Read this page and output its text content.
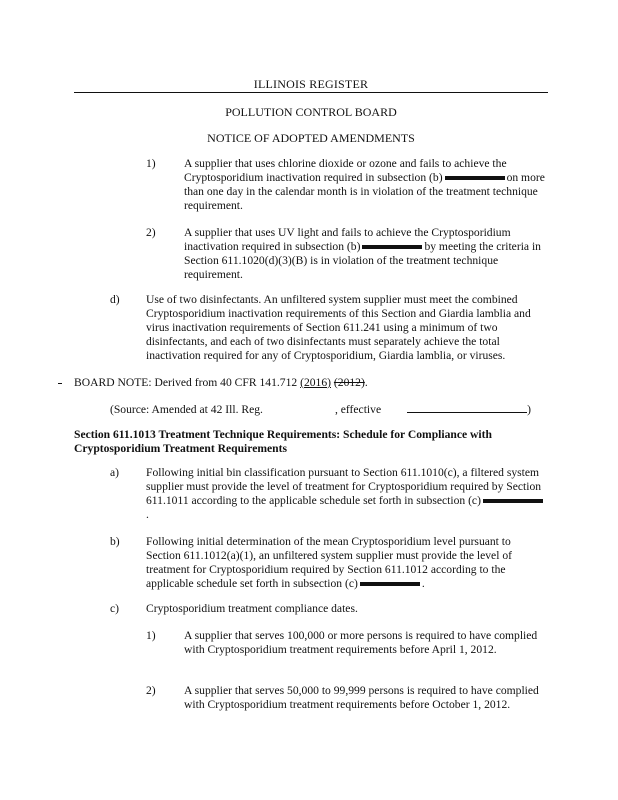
ILLINOIS REGISTER
POLLUTION CONTROL BOARD
NOTICE OF ADOPTED AMENDMENTS
1) A supplier that uses chlorine dioxide or ozone and fails to achieve the Cryptosporidium inactivation required in subsection (b)	on more than one day in the calendar month is in violation of the treatment technique requirement.
2) A supplier that uses UV light and fails to achieve the Cryptosporidium inactivation required in subsection (b)	by meeting the criteria in Section 611.1020(d)(3)(B) is in violation of the treatment technique requirement.
d) Use of two disinfectants. An unfiltered system supplier must meet the combined Cryptosporidium inactivation requirements of this Section and Giardia lamblia and virus inactivation requirements of Section 611.241 using a minimum of two disinfectants, and each of two disinfectants must separately achieve the total inactivation required for any of Cryptosporidium, Giardia lamblia, or viruses.
BOARD NOTE: Derived from 40 CFR 141.712 (2016) (2012).
(Source: Amended at 42 Ill. Reg.	, effective	)
Section 611.1013 Treatment Technique Requirements: Schedule for Compliance with Cryptosporidium Treatment Requirements
a) Following initial bin classification pursuant to Section 611.1010(c), a filtered system supplier must provide the level of treatment for Cryptosporidium required by Section 611.1011 according to the applicable schedule set forth in subsection (c).
b) Following initial determination of the mean Cryptosporidium level pursuant to Section 611.1012(a)(1), an unfiltered system supplier must provide the level of treatment for Cryptosporidium required by Section 611.1012 according to the applicable schedule set forth in subsection (c)	.
c) Cryptosporidium treatment compliance dates.
1) A supplier that serves 100,000 or more persons is required to have complied with Cryptosporidium treatment requirements before April 1, 2012.
2) A supplier that serves 50,000 to 99,999 persons is required to have complied with Cryptosporidium treatment requirements before October 1, 2012.
